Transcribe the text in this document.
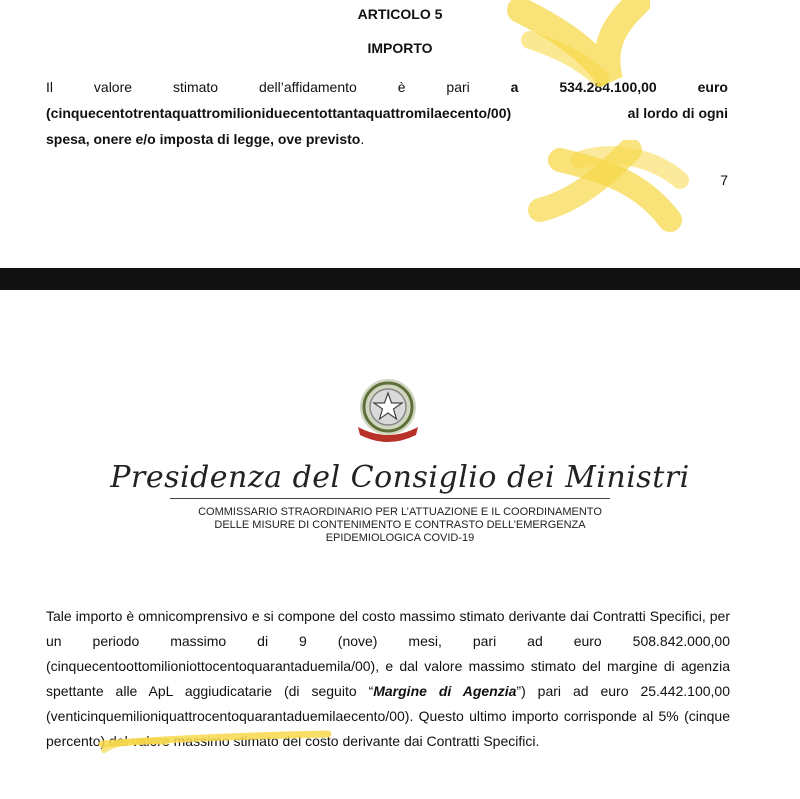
ARTICOLO 5
IMPORTO
Il	valore	stimato	dell’affidamento	è	pari	a	534.284.100,00	euro
(cinquecentotrentaquattromilioniduecentottantaquattromilaecento/00)	al lordo di ogni
spesa, onere e/o imposta di legge, ove previsto.
7
Presidenza del Consiglio dei Ministri
COMMISSARIO STRAORDINARIO PER L’ATTUAZIONE E IL COORDINAMENTO
DELLE MISURE DI CONTENIMENTO E CONTRASTO DELL’EMERGENZA
EPIDEMIOLOGICA COVID-19
Tale importo è omnicomprensivo e si compone del costo massimo stimato derivante dai Contratti Specifici, per un periodo massimo di 9 (nove) mesi, pari ad euro 508.842.000,00 (cinquecentoottomilioniottocentoquarantaduemila/00), e dal valore massimo stimato del margine di agenzia spettante alle ApL aggiudicatarie (di seguito “Margine di Agenzia”) pari ad euro 25.442.100,00 (venticinquemilioniquattrocentoquarantaduemilaecento/00). Questo ultimo importo corrisponde al 5% (cinque percento) del valore massimo stimato del costo derivante dai Contratti Specifici.
